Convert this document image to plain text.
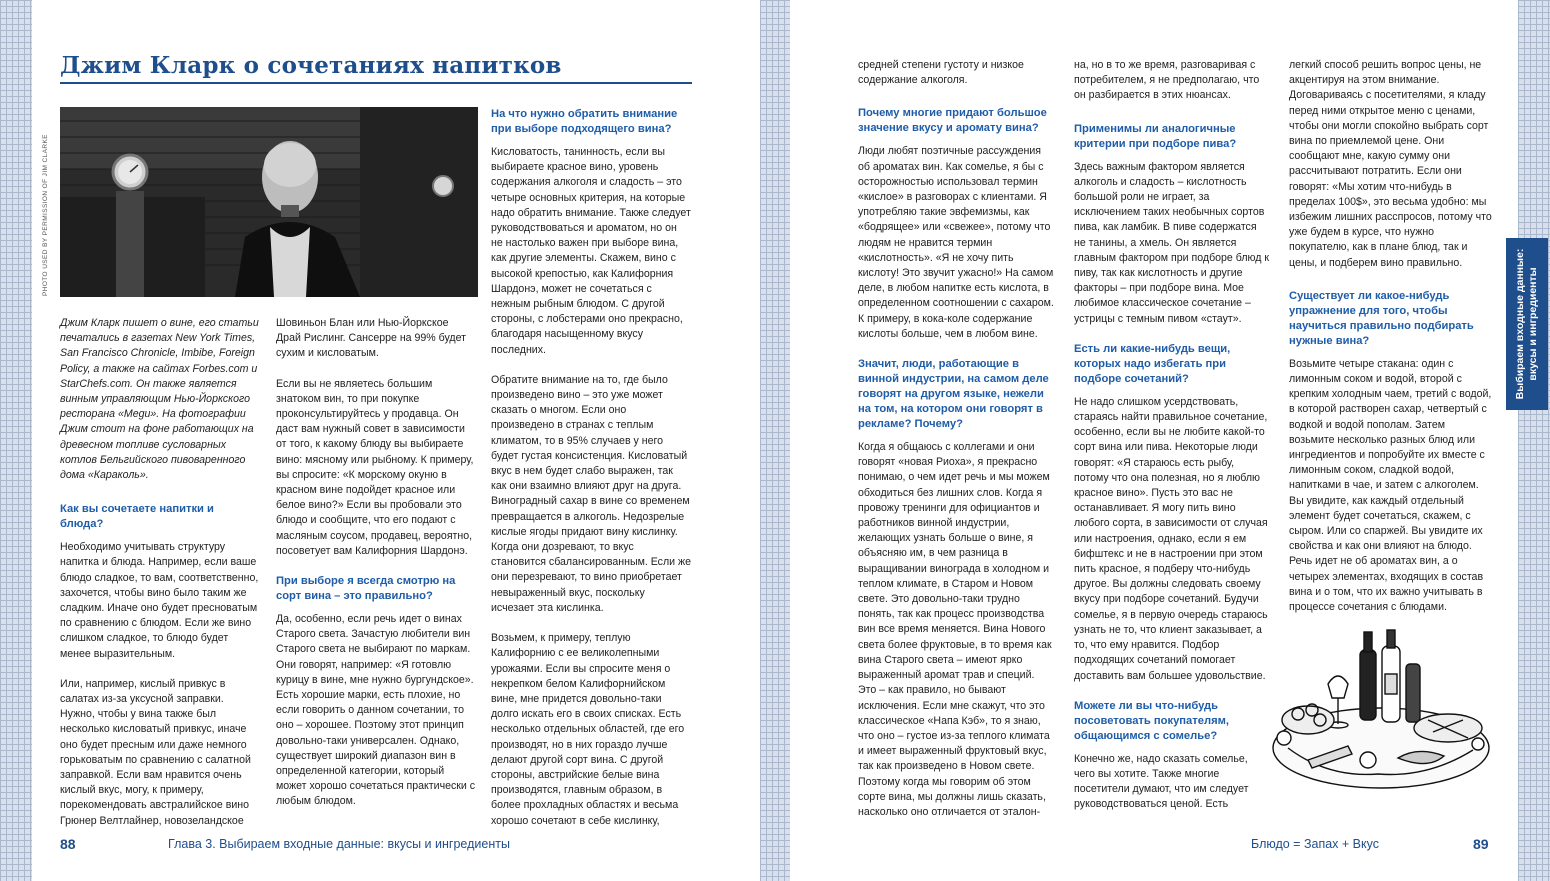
Джим Кларк о сочетаниях напитков
PHOTO USED BY PERMISSION OF JIM CLARKE

Джим Кларк пишет о вине, его статьи печатались в газетах New York Times, San Francisco Chronicle, Imbibe, Foreign Policy, а также на сайтах Forbes.com и StarChefs.com. Он также является винным управляющим Нью-Йоркского ресторана «Megu». На фотографии Джим стоит на фоне работающих на древесном топливе сусловарных котлов Бельгийского пивоваренного дома «Караколь».

Как вы сочетаете напитки и блюда?

Необходимо учитывать структуру напитка и блюда. Например, если ваше блюдо сладкое, то вам, соответственно, захочется, чтобы вино было таким же сладким. Иначе оно будет пресноватым по сравнению с блюдом. Если же вино слишком сладкое, то блюдо будет менее выразительным.

Или, например, кислый привкус в салатах из-за уксусной заправки. Нужно, чтобы у вина также был несколько кисловатый привкус, иначе оно будет пресным или даже немного горьковатым по сравнению с салатной заправкой. Если вам нравится очень кислый вкус, могу, к примеру, порекомендовать австралийское вино Грюнер Велтлайнер, новозеландское

Шовиньон Блан или Нью-Йоркское Драй Рислинг. Сансерре на 99% будет сухим и кисловатым.

Если вы не являетесь большим знатоком вин, то при покупке проконсультируйтесь у продавца. Он даст вам нужный совет в зависимости от того, к какому блюду вы выбираете вино: мясному или рыбному. К примеру, вы спросите: «К морскому окуню в красном вине подойдет красное или белое вино?» Если вы пробовали это блюдо и сообщите, что его подают с масляным соусом, продавец, вероятно, посоветует вам Калифорния Шардонэ.

При выборе я всегда смотрю на сорт вина – это правильно?

Да, особенно, если речь идет о винах Старого света. Зачастую любители вин Старого света не выбирают по маркам. Они говорят, например: «Я готовлю курицу в вине, мне нужно бургундское». Есть хорошие марки, есть плохие, но если говорить о данном сочетании, то оно – хорошее. Поэтому этот принцип довольно-таки универсален. Однако, существует широкий диапазон вин в определенной категории, который может хорошо сочетаться практически с любым блюдом.

На что нужно обратить внимание при выборе подходящего вина?

Кисловатость, танинность, если вы выбираете красное вино, уровень содержания алкоголя и сладость – это четыре основных критерия, на которые надо обратить внимание. Также следует руководствоваться и ароматом, но он не настолько важен при выборе вина, как другие элементы. Скажем, вино с высокой крепостью, как Калифорния Шардонэ, может не сочетаться с нежным рыбным блюдом. С другой стороны, с лобстерами оно прекрасно, благодаря насыщенному вкусу последних.

Обратите внимание на то, где было произведено вино – это уже может сказать о многом. Если оно произведено в странах с теплым климатом, то в 95% случаев у него будет густая консистенция. Кисловатый вкус в нем будет слабо выражен, так как они взаимно влияют друг на друга. Виноградный сахар в вине со временем превращается в алкоголь. Недозрелые кислые ягоды придают вину кислинку. Когда они дозревают, то вкус становится сбалансированным. Если же они перезревают, то вино приобретает невыраженный вкус, поскольку исчезает эта кислинка.

Возьмем, к примеру, теплую Калифорнию с ее великолепными урожаями. Если вы спросите меня о некрепком белом Калифорнийском вине, мне придется довольно-таки долго искать его в своих списках. Есть несколько отдельных областей, где его производят, но в них гораздо лучше делают другой сорт вина. С другой стороны, австрийские белые вина производятся, главным образом, в более прохладных областях и весьма хорошо сочетают в себе кислинку,

88	Глава 3. Выбираем входные данные: вкусы и ингредиенты

средней степени густоту и низкое содержание алкоголя.

Почему многие придают большое значение вкусу и аромату вина?

Люди любят поэтичные рассуждения об ароматах вин. Как сомелье, я бы с осторожностью использовал термин «кислое» в разговорах с клиентами. Я употребляю такие эвфемизмы, как «бодрящее» или «свежее», потому что людям не нравится термин «кислотность». «Я не хочу пить кислоту! Это звучит ужасно!» На самом деле, в любом напитке есть кислота, в определенном соотношении с сахаром. К примеру, в кока-коле содержание кислоты больше, чем в любом вине.

Значит, люди, работающие в винной индустрии, на самом деле говорят на другом языке, нежели на том, на котором они говорят в рекламе? Почему?

Когда я общаюсь с коллегами и они говорят «новая Риоха», я прекрасно понимаю, о чем идет речь и мы можем обходиться без лишних слов. Когда я провожу тренинги для официантов и работников винной индустрии, желающих узнать больше о вине, я объясняю им, в чем разница в выращивании винограда в холодном и теплом климате, в Старом и Новом свете. Это довольно-таки трудно понять, так как процесс производства вин все время меняется. Вина Нового света более фруктовые, в то время как вина Старого света – имеют ярко выраженный аромат трав и специй. Это – как правило, но бывают исключения. Если мне скажут, что это классическое «Напа Кэб», то я знаю, что оно – густое из-за теплого климата и имеет выраженный фруктовый вкус, так как произведено в Новом свете. Поэтому когда мы говорим об этом сорте вина, мы должны лишь сказать, насколько оно отличается от эталон-

на, но в то же время, разговаривая с потребителем, я не предполагаю, что он разбирается в этих нюансах.

Применимы ли аналогичные критерии при подборе пива?

Здесь важным фактором является алкоголь и сладость – кислотность большой роли не играет, за исключением таких необычных сортов пива, как ламбик. В пиве содержатся не танины, а хмель. Он является главным фактором при подборе блюд к пиву, так как кислотность и другие факторы – при подборе вина. Мое любимое классическое сочетание – устрицы с темным пивом «стаут».

Есть ли какие-нибудь вещи, которых надо избегать при подборе сочетаний?

Не надо слишком усердствовать, стараясь найти правильное сочетание, особенно, если вы не любите какой-то сорт вина или пива. Некоторые люди говорят: «Я стараюсь есть рыбу, потому что она полезная, но я люблю красное вино». Пусть это вас не останавливает. Я могу пить вино любого сорта, в зависимости от случая или настроения, однако, если я ем бифштекс и не в настроении при этом пить красное, я подберу что-нибудь другое. Вы должны следовать своему вкусу при подборе сочетаний. Будучи сомелье, я в первую очередь стараюсь узнать не то, что клиент заказывает, а то, что ему нравится. Подбор подходящих сочетаний помогает доставить вам большее удовольствие.

Можете ли вы что-нибудь посоветовать покупателям, общающимся с сомелье?

Конечно же, надо сказать сомелье, чего вы хотите. Также многие посетители думают, что им следует руководствоваться ценой. Есть

легкий способ решить вопрос цены, не акцентируя на этом внимание. Договариваясь с посетителями, я кладу перед ними открытое меню с ценами, чтобы они могли спокойно выбрать сорт вина по приемлемой цене. Они сообщают мне, какую сумму они рассчитывают потратить. Если они говорят: «Мы хотим что-нибудь в пределах 100$», это весьма удобно: мы избежим лишних расспросов, потому что уже будем в курсе, что нужно покупателю, как в плане блюд, так и цены, и подберем вино правильно.

Существует ли какое-нибудь упражнение для того, чтобы научиться правильно подбирать нужные вина?

Возьмите четыре стакана: один с лимонным соком и водой, второй с крепким холодным чаем, третий с водой, в которой растворен сахар, четвертый с водкой и водой пополам. Затем возьмите несколько разных блюд или ингредиентов и попробуйте их вместе с лимонным соком, сладкой водой, напитками в чае, и затем с алкоголем. Вы увидите, как каждый отдельный элемент будет сочетаться, скажем, с сыром. Или со спаржей. Вы увидите их свойства и как они влияют на блюдо. Речь идет не об ароматах вин, а о четырех элементах, входящих в состав вина и о том, что их важно учитывать в процессе сочетания с блюдами.

Выбираем входные данные: вкусы и ингредиенты
Блюдо = Запах + Вкус	89
